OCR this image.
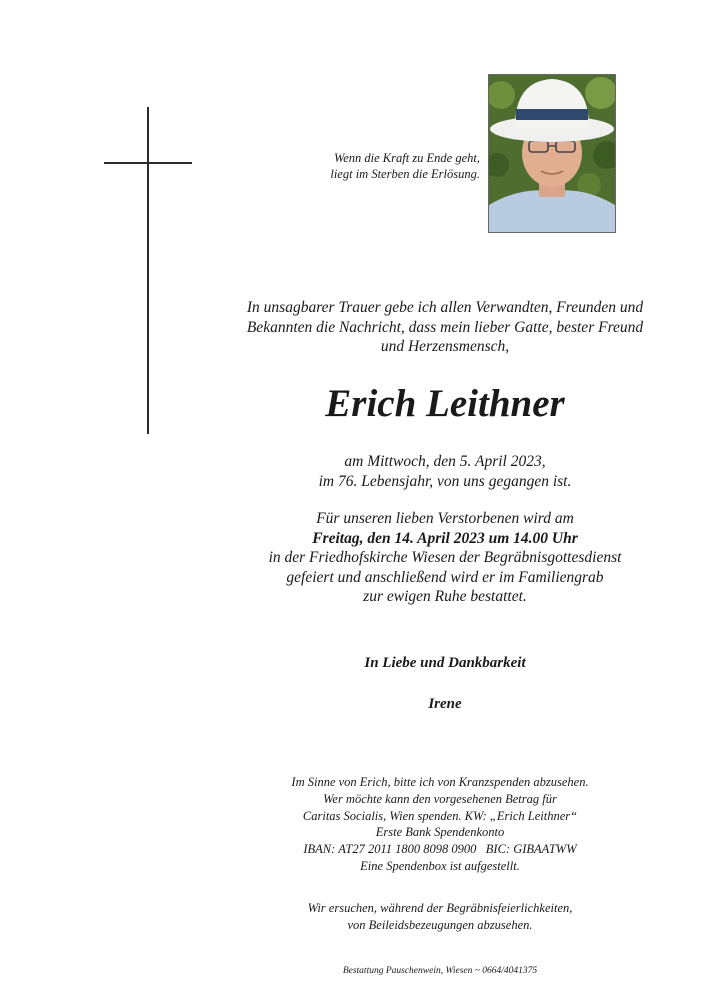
Wenn die Kraft zu Ende geht,
liegt im Sterben die Erlösung.
In unsagbarer Trauer gebe ich allen Verwandten, Freunden und
Bekannten die Nachricht, dass mein lieber Gatte, bester Freund
und Herzensmensch,
Erich Leithner
am Mittwoch, den 5. April 2023,
im 76. Lebensjahr, von uns gegangen ist.
Für unseren lieben Verstorbenen wird am
Freitag, den 14. April 2023 um 14.00 Uhr
in der Friedhofskirche Wiesen der Begräbnisgottesdienst
gefeiert und anschließend wird er im Familiengrab
zur ewigen Ruhe bestattet.
In Liebe und Dankbarkeit
Irene
Im Sinne von Erich, bitte ich von Kranzspenden abzusehen.
Wer möchte kann den vorgesehenen Betrag für
Caritas Socialis, Wien spenden. KW: „Erich Leithner“
Erste Bank Spendenkonto
IBAN: AT27 2011 1800 8098 0900   BIC: GIBAATWW
Eine Spendenbox ist aufgestellt.
Wir ersuchen, während der Begräbnisfeierlichkeiten,
von Beileidsbezeugungen abzusehen.
Bestattung Pauschenwein, Wiesen ~ 0664/4041375
